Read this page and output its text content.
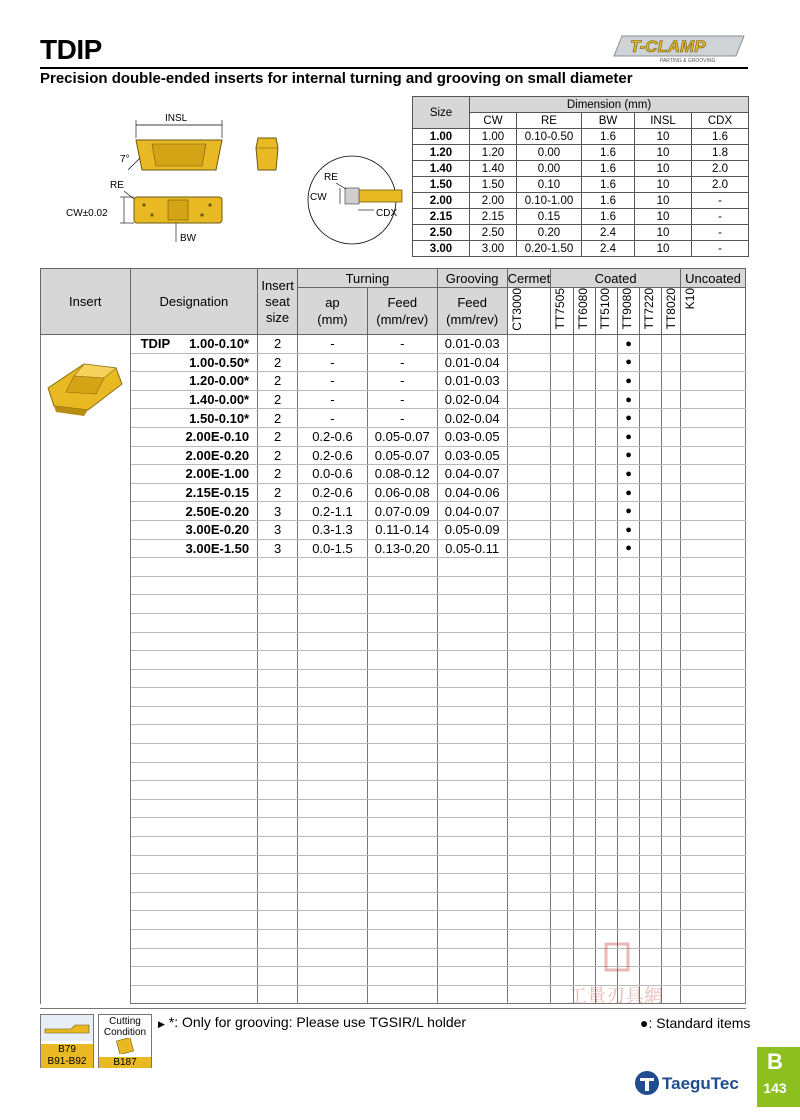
TDIP	T-CLAMP
PARTING & GROOVING
Precision double-ended inserts for internal turning and grooving on small diameter
INSL
7°
RE
CW±0.02
BW
RE
CW
CDX
Size	Dimension (mm)				
	CW	RE	BW	INSL	CDX
1.00	1.00	0.10-0.50	1.6	10	1.6
1.20	1.20	0.00	1.6	10	1.8
1.40	1.40	0.00	1.6	10	2.0
1.50	1.50	0.10	1.6	10	2.0
2.00	2.00	0.10-1.00	1.6	10	-
2.15	2.15	0.15	1.6	10	-
2.50	2.50	0.20	2.4	10	-
3.00	3.00	0.20-1.50	2.4	10	-
Insert	Designation	Insert
seat
size	Turning		Grooving	Cermet	Coated						Uncoated
			ap
(mm)	Feed
(mm/rev)	Feed
(mm/rev)	CT3000	TT7505	TT6080	TT5100	TT9080	TT7220	TT8020	K10

	TDIP 1.00-0.10*	2	-	-	0.01-0.03					●			
	1.00-0.50*	2	-	-	0.01-0.04					●			
	1.20-0.00*	2	-	-	0.01-0.03					●			
	1.40-0.00*	2	-	-	0.02-0.04					●			
	1.50-0.10*	2	-	-	0.02-0.04					●			
	2.00E-0.10	2	0.2-0.6	0.05-0.07	0.03-0.05					●			
	2.00E-0.20	2	0.2-0.6	0.05-0.07	0.03-0.05					●			
	2.00E-1.00	2	0.0-0.6	0.08-0.12	0.04-0.07					●			
	2.15E-0.15	2	0.2-0.6	0.06-0.08	0.04-0.06					●			
	2.50E-0.20	3	0.2-1.1	0.07-0.09	0.04-0.07					●			
	3.00E-0.20	3	0.3-1.3	0.11-0.14	0.05-0.09					●			
	3.00E-1.50	3	0.0-1.5	0.13-0.20	0.05-0.11					●			

B79
B91-B92
Cutting
Condition
B187
▶ *: Only for grooving: Please use TGSIR/L holder	●: Standard items
工量刃具網
TaeguTec
B
143
